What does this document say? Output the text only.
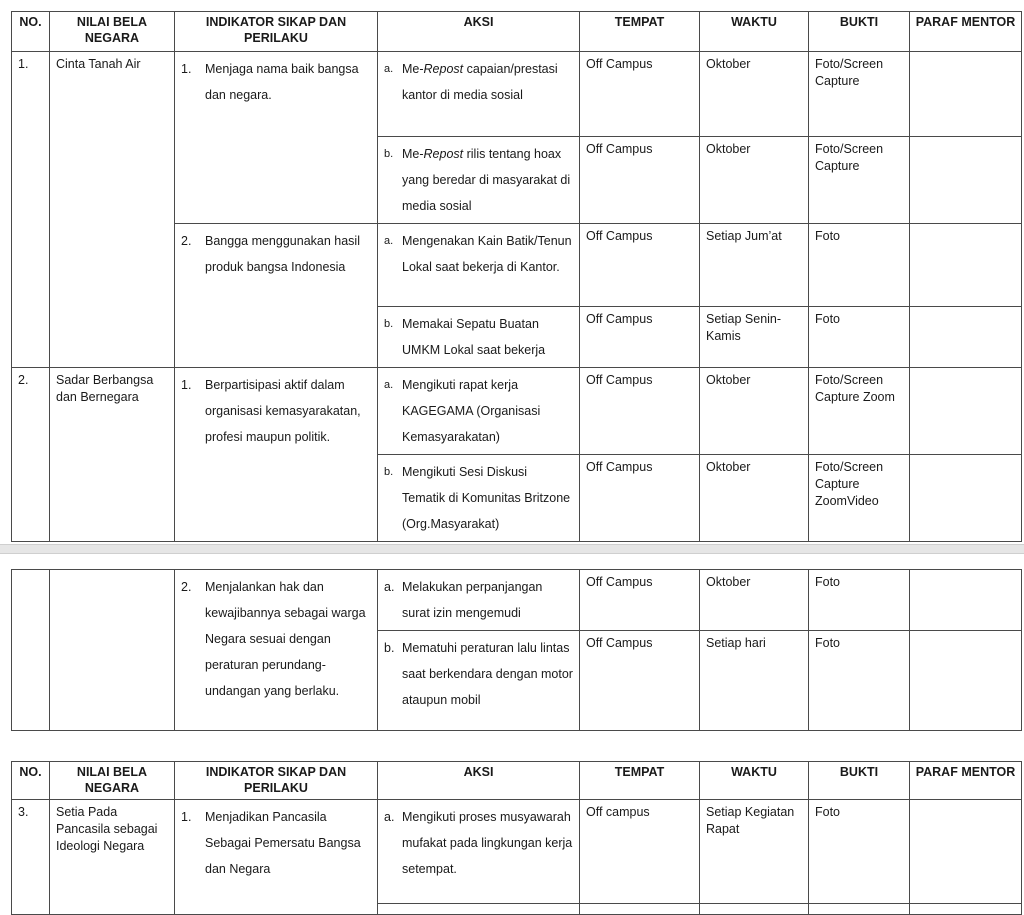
NO.	NILAI BELA NEGARA	INDIKATOR SIKAP DAN PERILAKU	AKSI	TEMPAT	WAKTU	BUKTI	PARAF MENTOR
1.	Cinta Tanah Air	1. Menjaga nama baik bangsa dan negara.	a. Me-Repost capaian/prestasi kantor di media sosial	Off Campus	Oktober	Foto/Screen Capture	

			b. Me-Repost rilis tentang hoax yang beredar di masyarakat di media sosial	Off Campus	Oktober	Foto/Screen Capture	

		2. Bangga menggunakan hasil produk bangsa Indonesia	a. Mengenakan Kain Batik/Tenun Lokal saat bekerja di Kantor.	Off Campus	Setiap Jum’at	Foto	

			b. Memakai Sepatu Buatan UMKM Lokal saat bekerja	Off Campus	Setiap Senin-Kamis	Foto	
2.	Sadar Berbangsa dan Bernegara	1. Berpartisipasi aktif dalam organisasi kemasyarakatan, profesi maupun politik.	a. Mengikuti rapat kerja KAGEGAMA (Organisasi Kemasyarakatan)	Off Campus	Oktober	Foto/Screen Capture Zoom	

			b. Mengikuti Sesi Diskusi Tematik di Komunitas Britzone (Org.Masyarakat)	Off Campus	Oktober	Foto/Screen Capture ZoomVideo	

		2. Menjalankan hak dan kewajibannya sebagai warga Negara sesuai dengan peraturan perundang-undangan yang berlaku.	a. Melakukan perpanjangan surat izin mengemudi	Off Campus	Oktober	Foto	

			b. Mematuhi peraturan lalu lintas saat berkendara dengan motor ataupun mobil	Off Campus	Setiap hari	Foto	
NO.	NILAI BELA NEGARA	INDIKATOR SIKAP DAN PERILAKU	AKSI	TEMPAT	WAKTU	BUKTI	PARAF MENTOR
3.	Setia Pada Pancasila sebagai Ideologi Negara	1. Menjadikan Pancasila Sebagai Pemersatu Bangsa dan Negara	a. Mengikuti proses musyawarah mufakat pada lingkungan kerja setempat.	Off campus	Setiap Kegiatan Rapat	Foto	
